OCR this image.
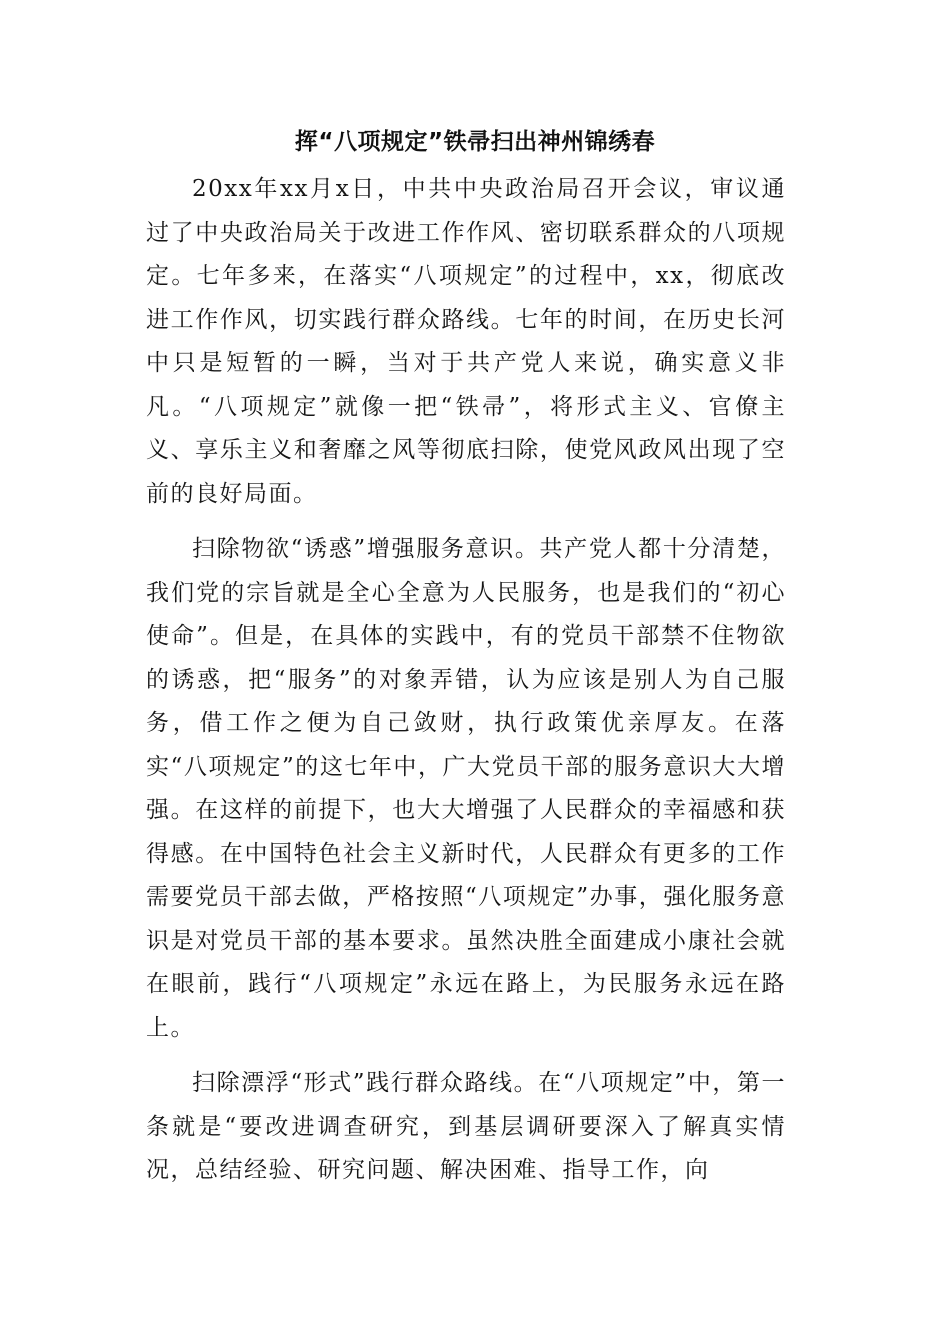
挥“八项规定”铁帚扫出神州锦绣春

20xx年xx月x日，中共中央政治局召开会议，审议通过了中央政治局关于改进工作作风、密切联系群众的八项规定。七年多来，在落实“八项规定”的过程中，xx，彻底改进工作作风，切实践行群众路线。七年的时间，在历史长河中只是短暂的一瞬，当对于共产党人来说，确实意义非凡。“八项规定”就像一把“铁帚”，将形式主义、官僚主义、享乐主义和奢靡之风等彻底扫除，使党风政风出现了空前的良好局面。

扫除物欲“诱惑”增强服务意识。共产党人都十分清楚，我们党的宗旨就是全心全意为人民服务，也是我们的“初心使命”。但是，在具体的实践中，有的党员干部禁不住物欲的诱惑，把“服务”的对象弄错，认为应该是别人为自己服务，借工作之便为自己敛财，执行政策优亲厚友。在落实“八项规定”的这七年中，广大党员干部的服务意识大大增强。在这样的前提下，也大大增强了人民群众的幸福感和获得感。在中国特色社会主义新时代，人民群众有更多的工作需要党员干部去做，严格按照“八项规定”办事，强化服务意识是对党员干部的基本要求。虽然决胜全面建成小康社会就在眼前，践行“八项规定”永远在路上，为民服务永远在路上。

扫除漂浮“形式”践行群众路线。在“八项规定”中，第一条就是“要改进调查研究，到基层调研要深入了解真实情况，总结经验、研究问题、解决困难、指导工作，向
